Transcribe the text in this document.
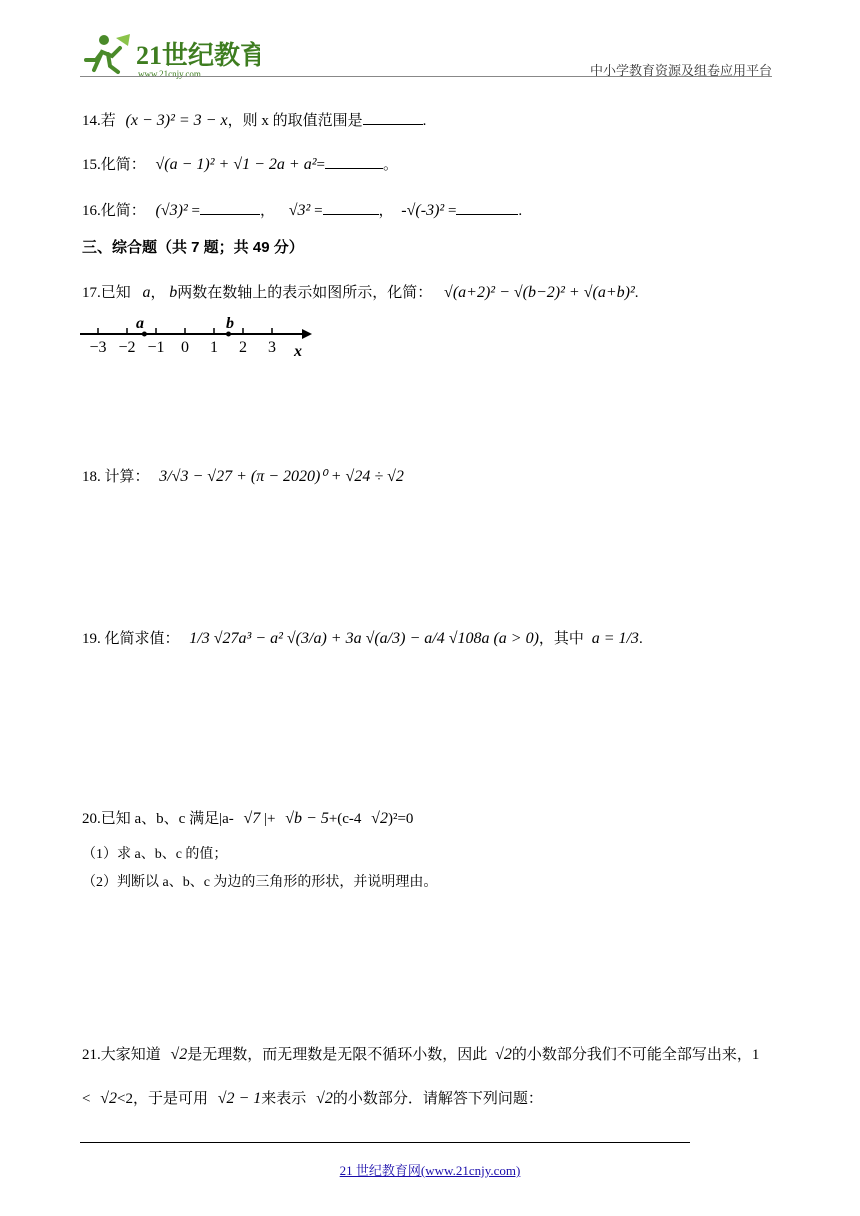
21世纪教育
www.21cnjy.com	中小学教育资源及组卷应用平台
14.若 (x − 3)² = 3 − x，则 x 的取值范围是	.
15.化简： √(a − 1)² + √1 − 2a + a²=	。
16.化简： (√3)² =	， √3² =	， -√(-3)² =	.
三、综合题（共 7 题；共 49 分）
17.已知 a， b两数在数轴上的表示如图所示，化简： √(a+2)² − √(b−2)² + √(a+b)².
−3 −2 −1 0 1 2 3
a	b
x
18. 计算： 3/√3 − √27 + (π − 2020)⁰ + √24 ÷ √2
19. 化简求值： 1/3 √27a³ − a² √(3/a) + 3a √(a/3) − a/4 √108a (a > 0)，其中 a = 1/3.
20.已知 a、b、c 满足|a- √7 |+ √b − 5+(c-4 √2)²=0
（1）求 a、b、c 的值；
（2）判断以 a、b、c 为边的三角形的形状，并说明理由。
21.大家知道 √2是无理数，而无理数是无限不循环小数，因此 √2的小数部分我们不可能全部写出来，1
< √2<2，于是可用 √2 − 1来表示 √2的小数部分．请解答下列问题：
21 世纪教育网(www.21cnjy.com)
